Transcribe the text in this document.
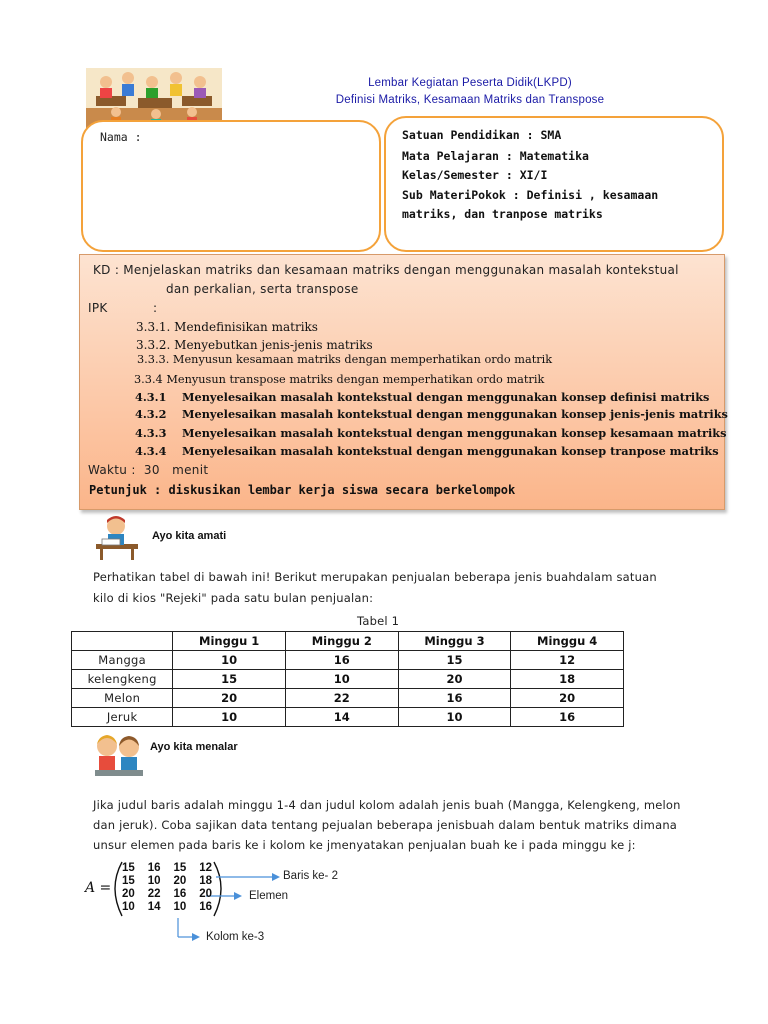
Lembar Kegiatan Peserta Didik(LKPD)
Definisi Matriks, Kesamaan Matriks dan Transpose
Nama :	Satuan Pendidikan : SMA
Mata Pelajaran : Matematika
Kelas/Semester : XI/I
Sub MateriPokok : Definisi , kesamaan
matriks, dan tranpose matriks
KD : Menjelaskan matriks dan kesamaan matriks dengan menggunakan masalah kontekstual
dan perkalian, serta transpose
IPK	:
3.3.1. Mendefinisikan matriks
3.3.2. Menyebutkan jenis-jenis matriks
3.3.3. Menyusun kesamaan matriks dengan memperhatikan ordo matrik
3.3.4 Menyusun transpose matriks dengan memperhatikan ordo matrik
4.3.1 Menyelesaikan masalah kontekstual dengan menggunakan konsep definisi matriks
4.3.2 Menyelesaikan masalah kontekstual dengan menggunakan konsep jenis-jenis matriks
4.3.3 Menyelesaikan masalah kontekstual dengan menggunakan konsep kesamaan matriks
4.3.4 Menyelesaikan masalah kontekstual dengan menggunakan konsep tranpose matriks
Waktu :  30   menit
Petunjuk : diskusikan lembar kerja siswa secara berkelompok
Ayo kita amati
Perhatikan tabel di bawah ini! Berikut merupakan penjualan beberapa jenis buahdalam satuan
kilo di kios "Rejeki" pada satu bulan penjualan:
Tabel 1
	Minggu 1	Minggu 2	Minggu 3	Minggu 4
Mangga	10	16	15	12
kelengkeng	15	10	20	18
Melon	20	22	16	20
Jeruk	10	14	10	16
Ayo kita menalar
Jika judul baris adalah minggu 1-4 dan judul kolom adalah jenis buah (Mangga, Kelengkeng, melon
dan jeruk). Coba sajikan data tentang pejualan beberapa jenisbuah dalam bentuk matriks dimana
unsur elemen pada baris ke i kolom ke jmenyatakan penjualan buah ke i pada minggu ke j:
A =
15 16 15 12
15 10 20 18
20 22 16 20
10 14 10 16
Baris ke- 2
Elemen
Kolom ke-3
